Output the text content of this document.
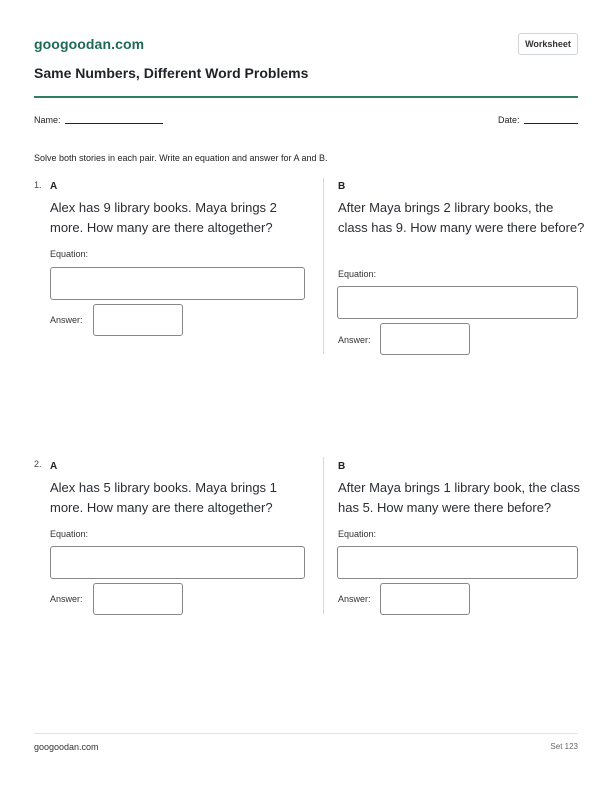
googoodan.com	Worksheet
Same Numbers, Different Word Problems
Name:	Date:
Solve both stories in each pair. Write an equation and answer for A and B.
1. A
Alex has 9 library books. Maya brings 2 more. How many are there altogether?
Equation:
Answer:
B
After Maya brings 2 library books, the class has 9. How many were there before?
Equation:
Answer:
2. A
Alex has 5 library books. Maya brings 1 more. How many are there altogether?
Equation:
Answer:
B
After Maya brings 1 library book, the class has 5. How many were there before?
Equation:
Answer:
googoodan.com	Set 123
